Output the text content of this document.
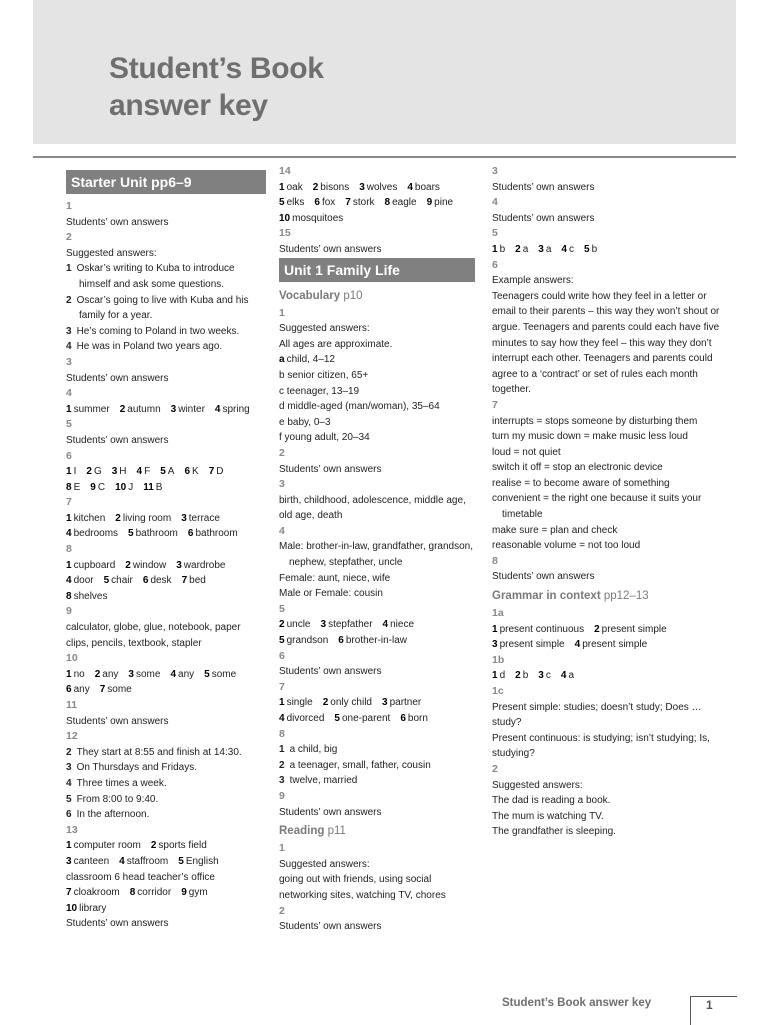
Student’s Book
answer key
Starter Unit pp6–9
1
Students’ own answers
2
Suggested answers:
1  Oskar’s writing to Kuba to introduce himself and ask some questions.
2  Oscar’s going to live with Kuba and his family for a year.
3  He’s coming to Poland in two weeks.
4  He was in Poland two years ago.
3
Students’ own answers
4
1  summer  2  autumn  3  winter  4  spring
5
Students’ own answers
6
1  I  2  G  3  H  4  F  5  A  6  K  7  D
8  E  9  C  10  J  11  B
7
1  kitchen  2  living room  3  terrace
4  bedrooms  5  bathroom  6  bathroom
8
1  cupboard  2  window  3  wardrobe
4  door  5  chair  6  desk  7  bed
8  shelves
9
calculator, globe, glue, notebook, paper clips, pencils, textbook, stapler
10
1  no  2  any  3  some  4  any  5  some
6  any  7  some
11
Students’ own answers
12
2  They start at 8:55 and finish at 14:30.
3  On Thursdays and Fridays.
4  Three times a week.
5  From 8:00 to 9:40.
6  In the afternoon.
13
1  computer room  2  sports field
3  canteen  4  staffroom  5  English
classroom 6 head teacher’s office
7  cloakroom  8  corridor  9  gym
10  library
Students’ own answers
14
1  oak  2  bisons  3  wolves  4  boars
5  elks  6  fox  7  stork  8  eagle  9  pine
10  mosquitoes
15
Students’ own answers
Unit 1 Family Life
Vocabulary p10
1
Suggested answers:
All ages are approximate.
a  child, 4–12
b senior citizen, 65+
c teenager, 13–19
d middle-aged (man/woman), 35–64
e baby, 0–3
f young adult, 20–34
2
Students’ own answers
3
birth, childhood, adolescence, middle age, old age, death
4
Male: brother-in-law, grandfather, grandson, nephew, stepfather, uncle
Female: aunt, niece, wife
Male or Female: cousin
5
2  uncle  3  stepfather  4  niece
5  grandson  6  brother-in-law
6
Students’ own answers
7
1  single  2  only child  3  partner
4  divorced  5  one-parent  6  born
8
1  a child, big
2  a teenager, small, father, cousin
3  twelve, married
9
Students’ own answers
Reading p11
1
Suggested answers:
going out with friends, using social networking sites, watching TV, chores
2
Students’ own answers
3
Students’ own answers
4
Students’ own answers
5
1  b  2  a  3  a  4  c  5  b
6
Example answers:
Teenagers could write how they feel in a letter or email to their parents – this way they won’t shout or argue. Teenagers and parents could each have five minutes to say how they feel – this way they don’t interrupt each other. Teenagers and parents could agree to a ‘contract’ or set of rules each month together.
7
interrupts = stops someone by disturbing them
turn my music down = make music less loud
loud = not quiet
switch it off = stop an electronic device
realise = to become aware of something
convenient = the right one because it suits your timetable
make sure = plan and check
reasonable volume = not too loud
8
Students’ own answers
Grammar in context pp12–13
1a
1  present continuous  2  present simple
3  present simple  4  present simple
1b
1  d  2  b  3  c  4  a
1c
Present simple: studies; doesn’t study; Does … study?
Present continuous: is studying; isn’t studying; Is, studying?
2
Suggested answers:
The dad is reading a book.
The mum is watching TV.
The grandfather is sleeping.
Student’s Book answer key	1
